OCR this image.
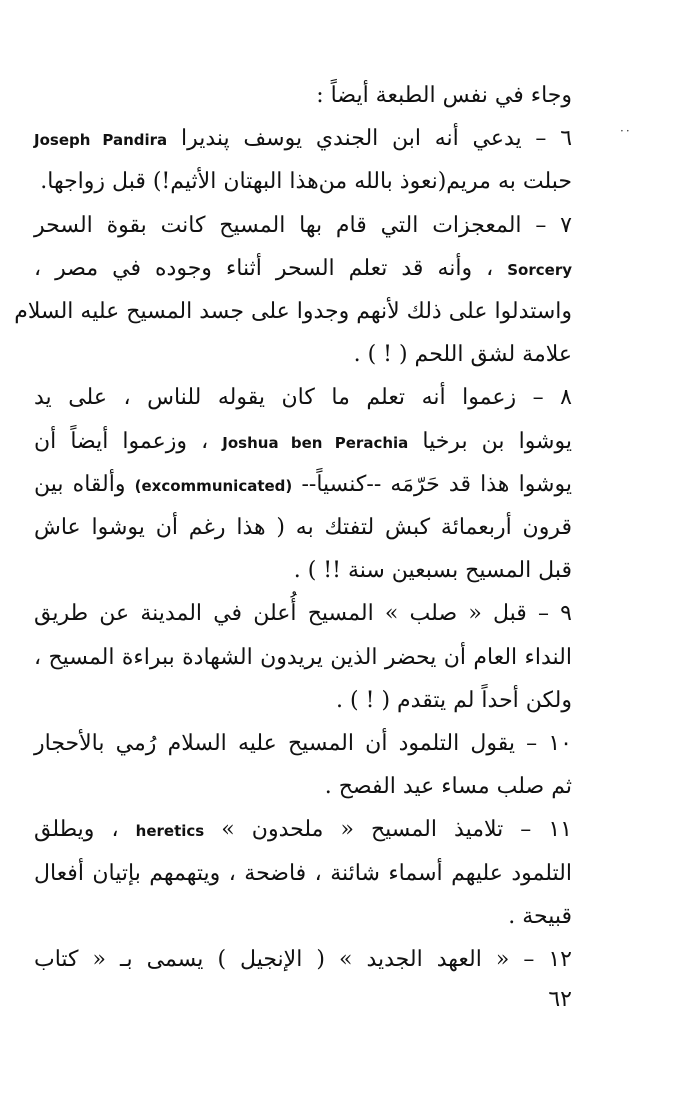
··
وجاء في نفس الطبعة أيضاً :
٦ – يدعي أنه ابن الجندي يوسف پنديرا Joseph Pandira
حبلت به مريم(نعوذ بالله من‌هذا البهتان الأثيم!) قبل زواجها.
٧ – المعجزات التي قام بها المسيح كانت بقوة السحر
Sorcery ، وأنه قد تعلم السحر أثناء وجوده في مصر ،
واستدلوا على ذلك لأنهم وجدوا على جسد المسيح عليه السلام
علامة لشق اللحم ( ! ) .
٨ – زعموا أنه تعلم ما كان يقوله للناس ، على يد
يوشوا بن برخيا Joshua ben Perachia ، وزعموا أيضاً أن
يوشوا هذا قد حَرّمَه --كنسياً-- (excommunicated) وألقاه بين
قرون أربعمائة كبش لتفتك به ( هذا رغم أن يوشوا عاش
قبل المسيح بسبعين سنة !! ) .
٩ – قبل « صلب » المسيح أُعلن في المدينة عن طريق
النداء العام أن يحضر الذين يريدون الشهادة ببراءة المسيح ،
ولكن أحداً لم يتقدم ( ! ) .
١٠ – يقول التلمود أن المسيح عليه السلام رُمي بالأحجار
ثم صلب مساء عيد الفصح .
١١ – تلاميذ المسيح « ملحدون » heretics ، ويطلق
التلمود عليهم أسماء شائنة ، فاضحة ، ويتهمهم بإتيان أفعال
قبيحة .
١٢ – « العهد الجديد » ( الإنجيل ) يسمى بـ « كتاب
٦٢
